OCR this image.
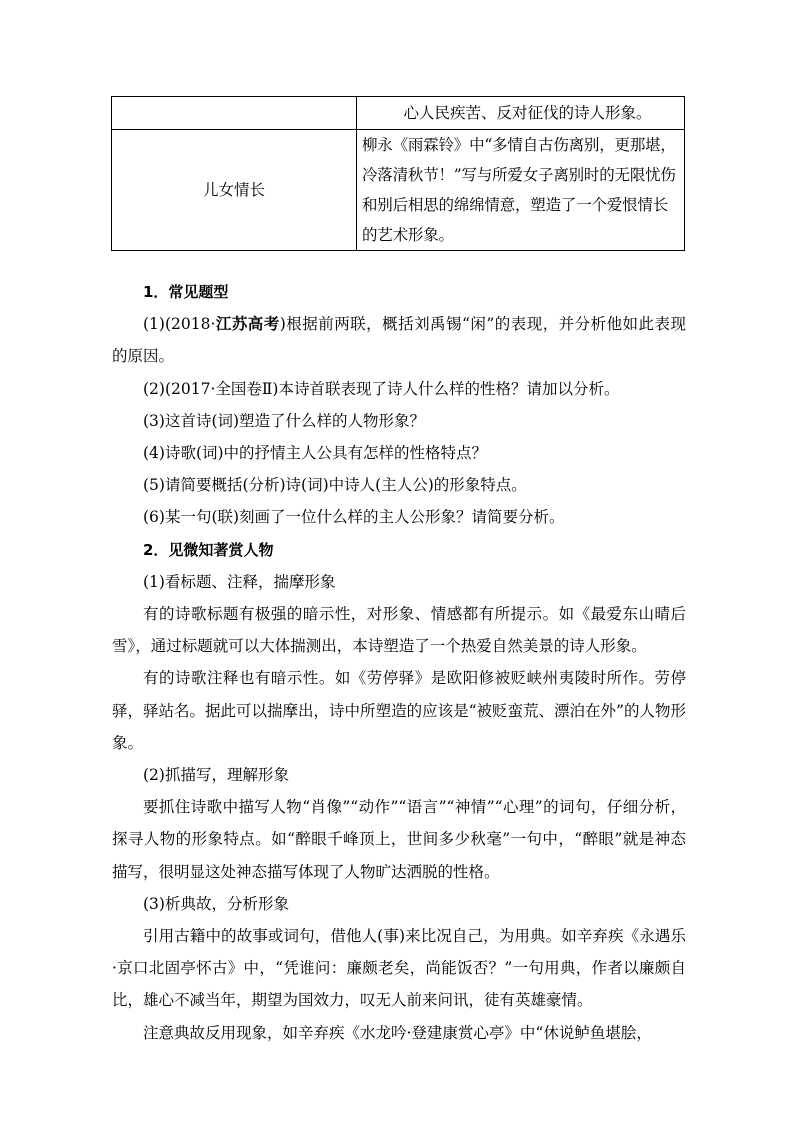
	心人民疾苦、反对征伐的诗人形象。
儿女情长	柳永《雨霖铃》中“多情自古伤离别，更那堪，冷落清秋节！”写与所爱女子离别时的无限忧伤和别后相思的绵绵情意，塑造了一个爱恨情长的艺术形象。

1．常见题型

(1)(2018·江苏高考)根据前两联，概括刘禹锡“闲”的表现，并分析他如此表现的原因。

(2)(2017·全国卷Ⅱ)本诗首联表现了诗人什么样的性格？请加以分析。

(3)这首诗(词)塑造了什么样的人物形象？

(4)诗歌(词)中的抒情主人公具有怎样的性格特点？

(5)请简要概括(分析)诗(词)中诗人(主人公)的形象特点。

(6)某一句(联)刻画了一位什么样的主人公形象？请简要分析。

2．见微知著赏人物

(1)看标题、注释，揣摩形象

有的诗歌标题有极强的暗示性，对形象、情感都有所提示。如《最爱东山晴后雪》，通过标题就可以大体揣测出，本诗塑造了一个热爱自然美景的诗人形象。

有的诗歌注释也有暗示性。如《劳停驿》是欧阳修被贬峡州夷陵时所作。劳停驿，驿站名。据此可以揣摩出，诗中所塑造的应该是“被贬蛮荒、漂泊在外”的人物形象。

(2)抓描写，理解形象

要抓住诗歌中描写人物“肖像”“动作”“语言”“神情”“心理”的词句，仔细分析，探寻人物的形象特点。如“醉眼千峰顶上，世间多少秋毫”一句中，“醉眼”就是神态描写，很明显这处神态描写体现了人物旷达洒脱的性格。

(3)析典故，分析形象

引用古籍中的故事或词句，借他人(事)来比况自己，为用典。如辛弃疾《永遇乐·京口北固亭怀古》中，“凭谁问：廉颇老矣，尚能饭否？”一句用典，作者以廉颇自比，雄心不减当年，期望为国效力，叹无人前来问讯，徒有英雄豪情。

注意典故反用现象，如辛弃疾《水龙吟·登建康赏心亭》中“休说鲈鱼堪脍，
